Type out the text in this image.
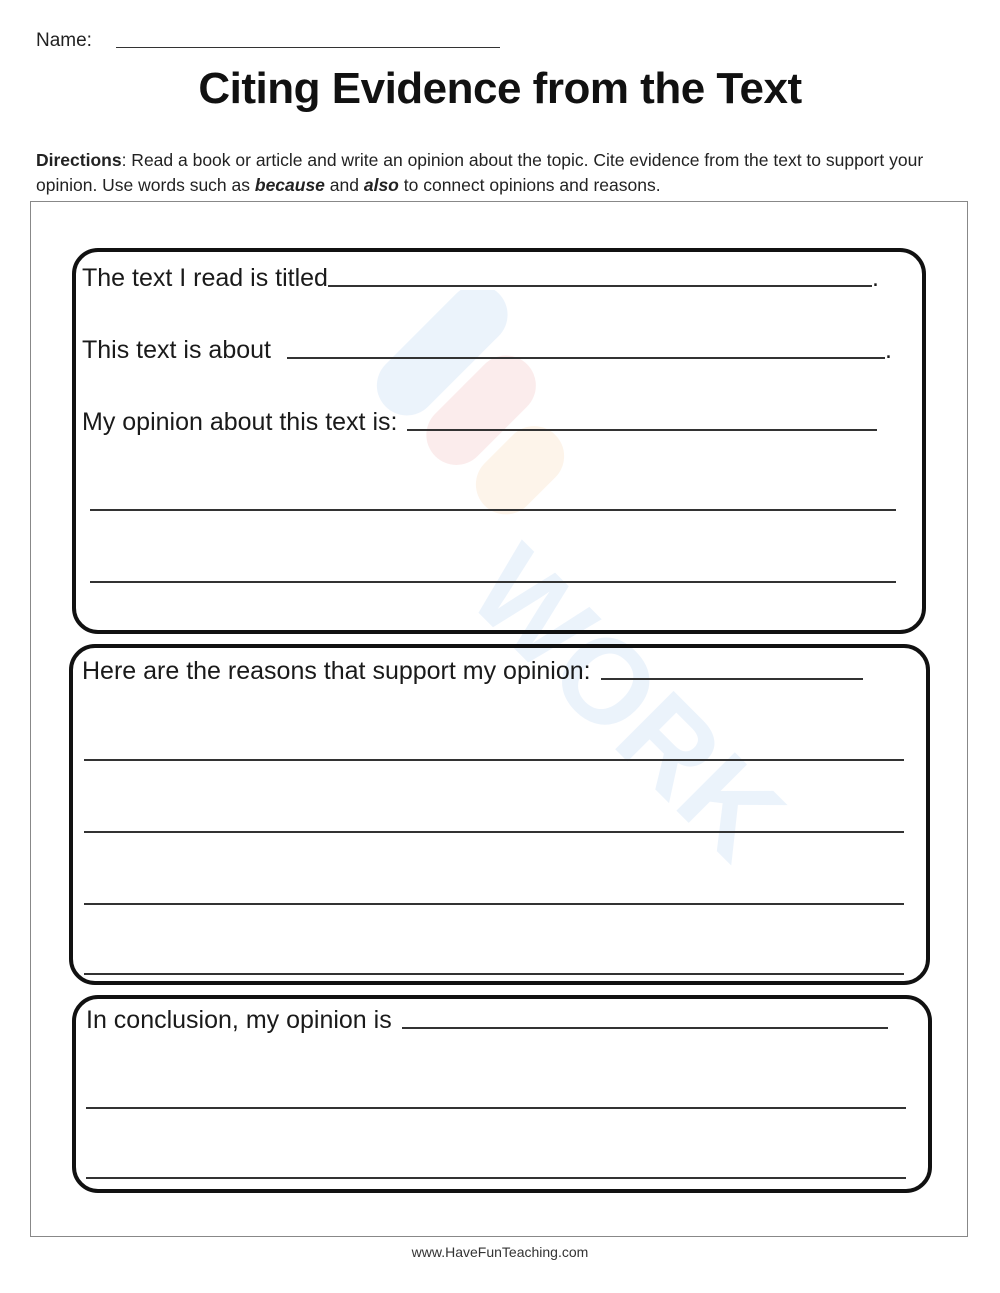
Name:
Citing Evidence from the Text
Directions: Read a book or article and write an opinion about the topic. Cite evidence from the text to support your opinion. Use words such as because and also to connect opinions and reasons.
WORK
The text I read is titled	.
This text is about	.
My opinion about this text is:
Here are the reasons that support my opinion:
In conclusion, my opinion is
www.HaveFunTeaching.com
